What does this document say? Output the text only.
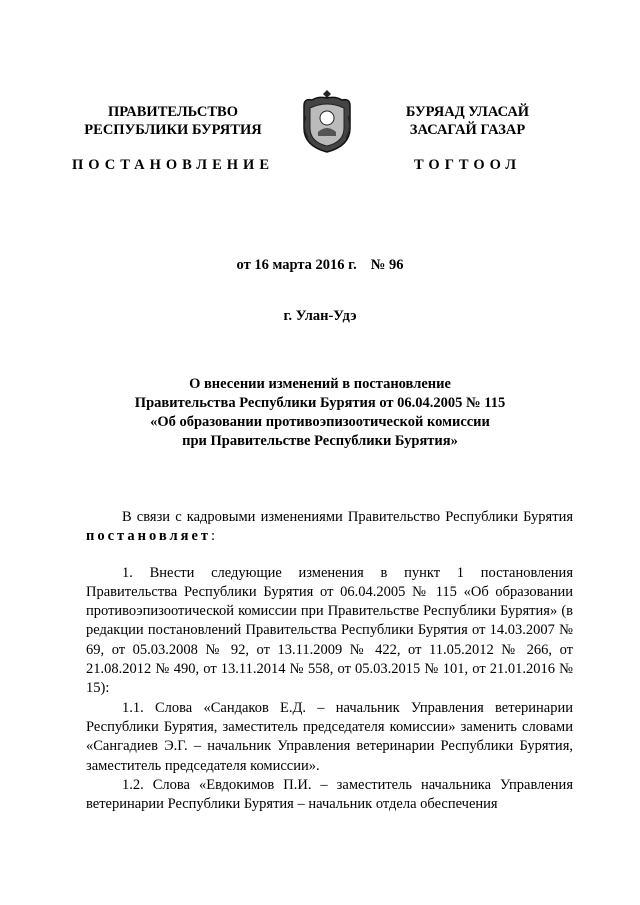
ПРАВИТЕЛЬСТВО
РЕСПУБЛИКИ БУРЯТИЯ
ПОСТАНОВЛЕНИЕ
БУРЯАД УЛАСАЙ
ЗАСАГАЙ ГАЗАР
ТОГТООЛ
от 16 марта 2016 г. № 96
г. Улан-Удэ
О внесении изменений в постановление
Правительства Республики Бурятия от 06.04.2005 № 115
«Об образовании противоэпизоотической комиссии
при Правительстве Республики Бурятия»

В связи с кадровыми изменениями Правительство Республики Бурятия постановляет:

1. Внести следующие изменения в пункт 1 постановления Правительства Республики Бурятия от 06.04.2005 № 115 «Об образовании противоэпизоотической комиссии при Правительстве Республики Бурятия» (в редакции постановлений Правительства Республики Бурятия от 14.03.2007 № 69, от 05.03.2008 № 92, от 13.11.2009 № 422, от 11.05.2012 № 266, от 21.08.2012 № 490, от 13.11.2014 № 558, от 05.03.2015 № 101, от 21.01.2016 № 15):

1.1. Слова «Сандаков Е.Д. – начальник Управления ветеринарии Республики Бурятия, заместитель председателя комиссии» заменить словами «Сангадиев Э.Г. – начальник Управления ветеринарии Республики Бурятия, заместитель председателя комиссии».

1.2. Слова «Евдокимов П.И. – заместитель начальника Управления ветеринарии Республики Бурятия – начальник отдела обеспечения
